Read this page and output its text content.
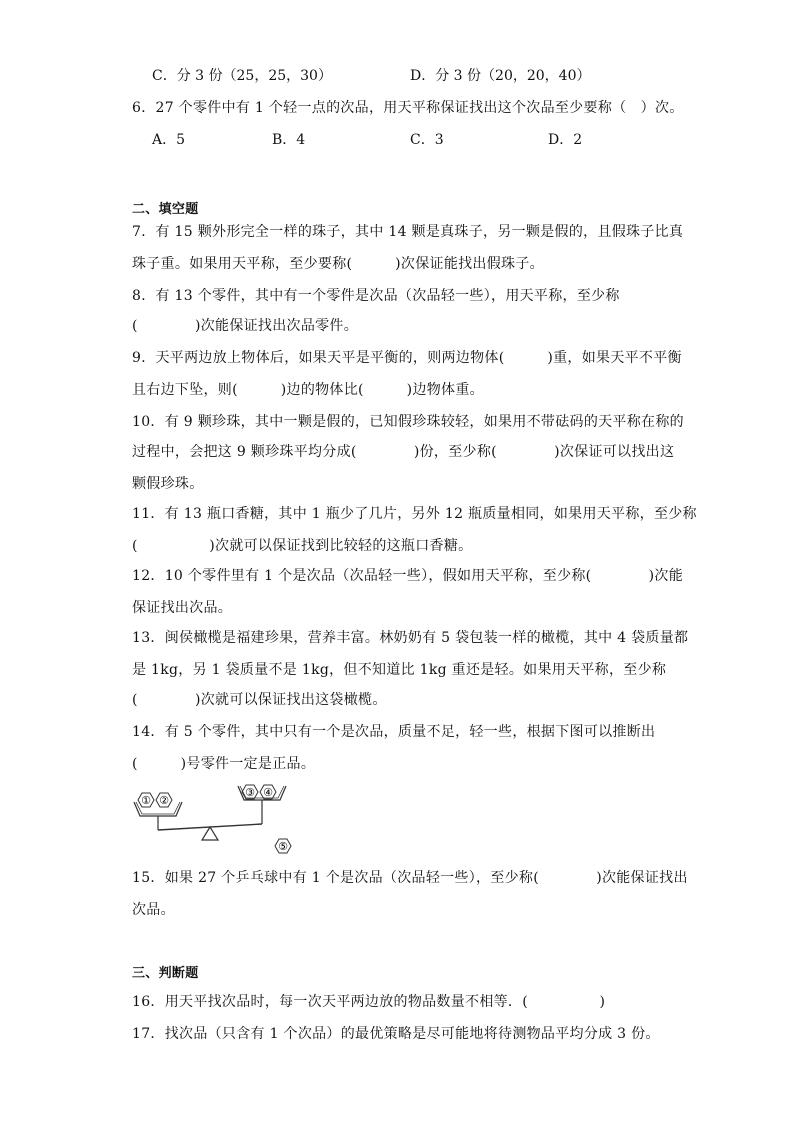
C．分 3 份（25，25，30）	D．分 3 份（20，20，40）
6．27 个零件中有 1 个轻一点的次品，用天平称保证找出这个次品至少要称（　）次。
A．5	B．4	C．3	D．2
二、填空题
7．有 15 颗外形完全一样的珠子，其中 14 颗是真珠子，另一颗是假的，且假珠子比真
珠子重。如果用天平称，至少要称(　　　)次保证能找出假珠子。
8．有 13 个零件，其中有一个零件是次品（次品轻一些），用天平称，至少称
(　　　　)次能保证找出次品零件。
9．天平两边放上物体后，如果天平是平衡的，则两边物体(　　　)重，如果天平不平衡
且右边下坠，则(　　　)边的物体比(　　　)边物体重。
10．有 9 颗珍珠，其中一颗是假的，已知假珍珠较轻，如果用不带砝码的天平称在称的
过程中，会把这 9 颗珍珠平均分成(　　　　)份，至少称(　　　　)次保证可以找出这
颗假珍珠。
11．有 13 瓶口香糖，其中 1 瓶少了几片，另外 12 瓶质量相同，如果用天平称，至少称
(　　　　　)次就可以保证找到比较轻的这瓶口香糖。
12．10 个零件里有 1 个是次品（次品轻一些），假如用天平称，至少称(　　　　)次能
保证找出次品。
13．闽侯橄榄是福建珍果，营养丰富。林奶奶有 5 袋包装一样的橄榄，其中 4 袋质量都
是 1kg，另 1 袋质量不是 1kg，但不知道比 1kg 重还是轻。如果用天平称，至少称
(　　　　)次就可以保证找出这袋橄榄。
14．有 5 个零件，其中只有一个是次品，质量不足，轻一些，根据下图可以推断出
(　　　)号零件一定是正品。
① ②
③ ④
⑤
15．如果 27 个乒乓球中有 1 个是次品（次品轻一些），至少称(　　　　)次能保证找出
次品。
三、判断题
16．用天平找次品时，每一次天平两边放的物品数量不相等．(　　　　　)
17．找次品（只含有 1 个次品）的最优策略是尽可能地将待测物品平均分成 3 份。
